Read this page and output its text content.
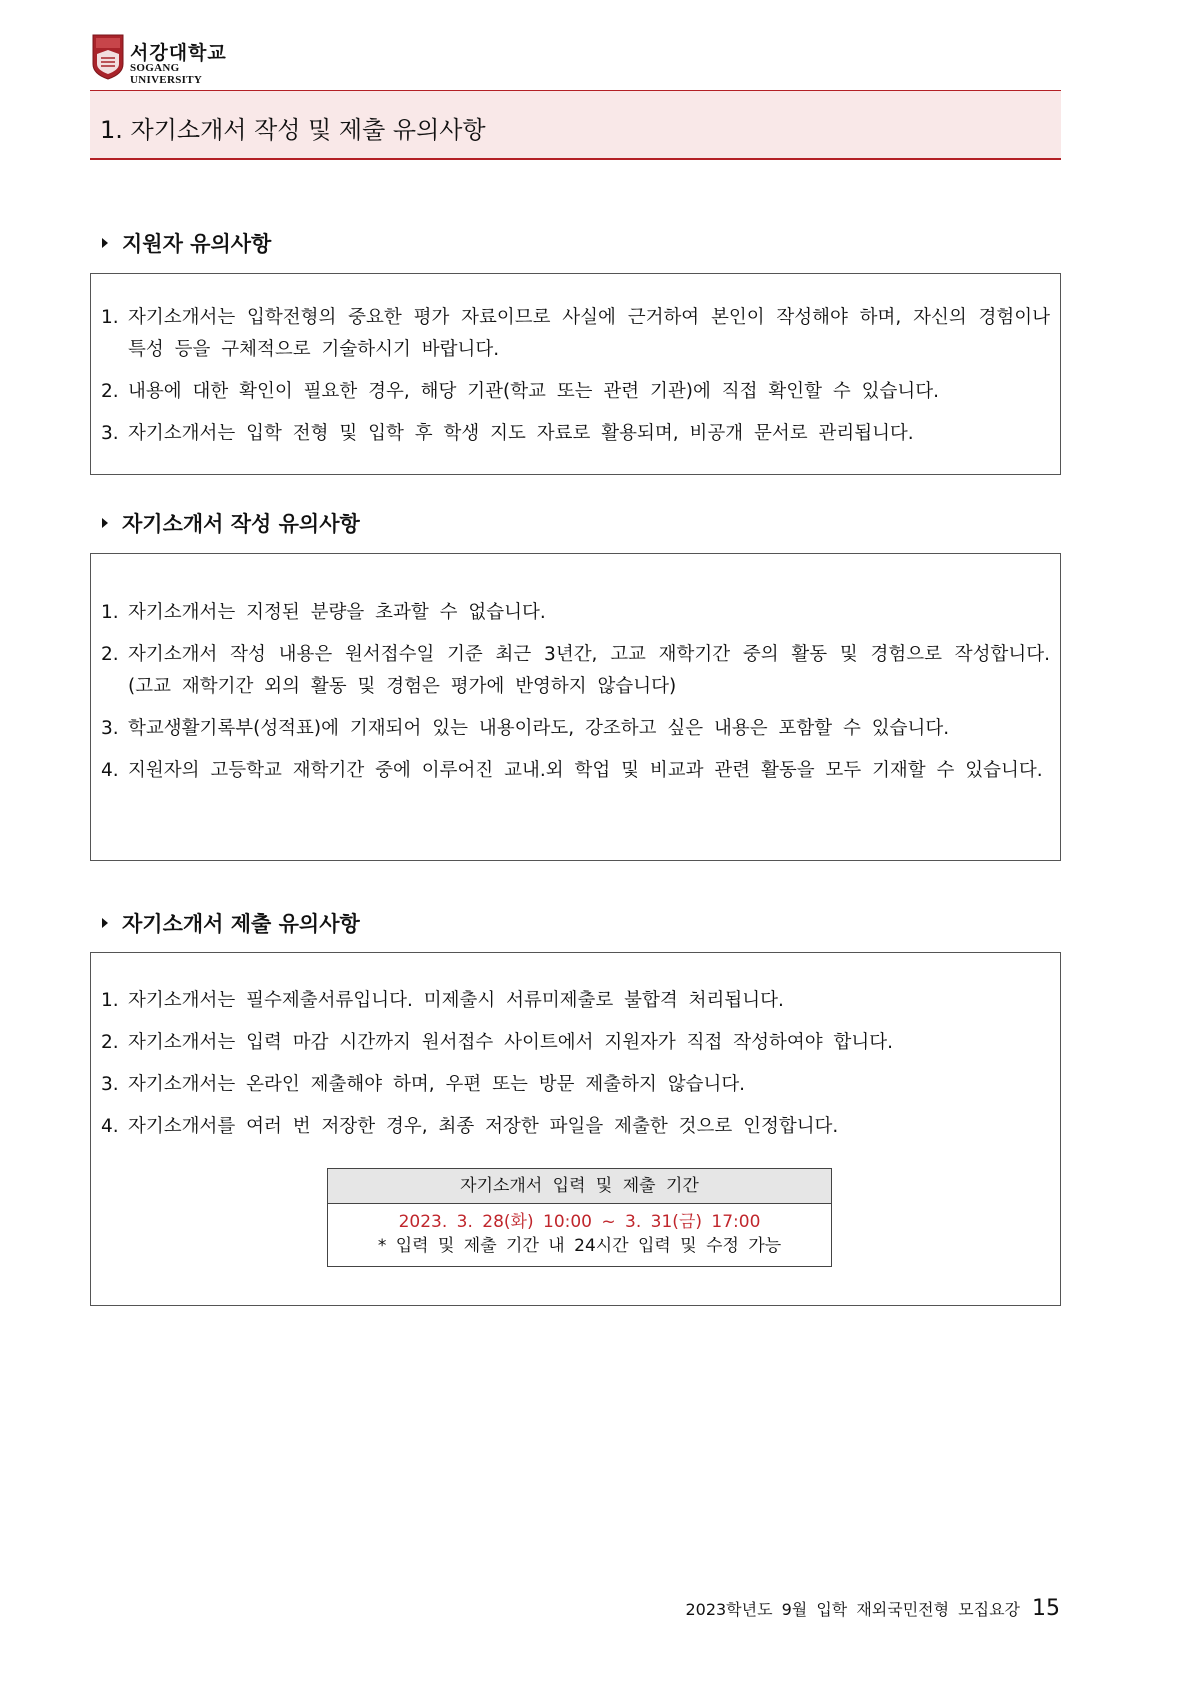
서강대학교
SOGANG UNIVERSITY
1. 자기소개서 작성 및 제출 유의사항
지원자 유의사항
1. 자기소개서는 입학전형의 중요한 평가 자료이므로 사실에 근거하여 본인이 작성해야 하며, 자신의 경험이나 특성 등을 구체적으로 기술하시기 바랍니다.
2. 내용에 대한 확인이 필요한 경우, 해당 기관(학교 또는 관련 기관)에 직접 확인할 수 있습니다.
3. 자기소개서는 입학 전형 및 입학 후 학생 지도 자료로 활용되며, 비공개 문서로 관리됩니다.
자기소개서 작성 유의사항
1. 자기소개서는 지정된 분량을 초과할 수 없습니다.
2. 자기소개서 작성 내용은 원서접수일 기준 최근 3년간, 고교 재학기간 중의 활동 및 경험으로 작성합니다.(고교 재학기간 외의 활동 및 경험은 평가에 반영하지 않습니다)
3. 학교생활기록부(성적표)에 기재되어 있는 내용이라도, 강조하고 싶은 내용은 포함할 수 있습니다.
4. 지원자의 고등학교 재학기간 중에 이루어진 교내.외 학업 및 비교과 관련 활동을 모두 기재할 수 있습니다.
자기소개서 제출 유의사항
1. 자기소개서는 필수제출서류입니다. 미제출시 서류미제출로 불합격 처리됩니다.
2. 자기소개서는 입력 마감 시간까지 원서접수 사이트에서 지원자가 직접 작성하여야 합니다.
3. 자기소개서는 온라인 제출해야 하며, 우편 또는 방문 제출하지 않습니다.
4. 자기소개서를 여러 번 저장한 경우, 최종 저장한 파일을 제출한 것으로 인정합니다.
자기소개서 입력 및 제출 기간
2023. 3. 28(화) 10:00 ~ 3. 31(금) 17:00
* 입력 및 제출 기간 내 24시간 입력 및 수정 가능
2023학년도 9월 입학 재외국민전형 모집요강 15
